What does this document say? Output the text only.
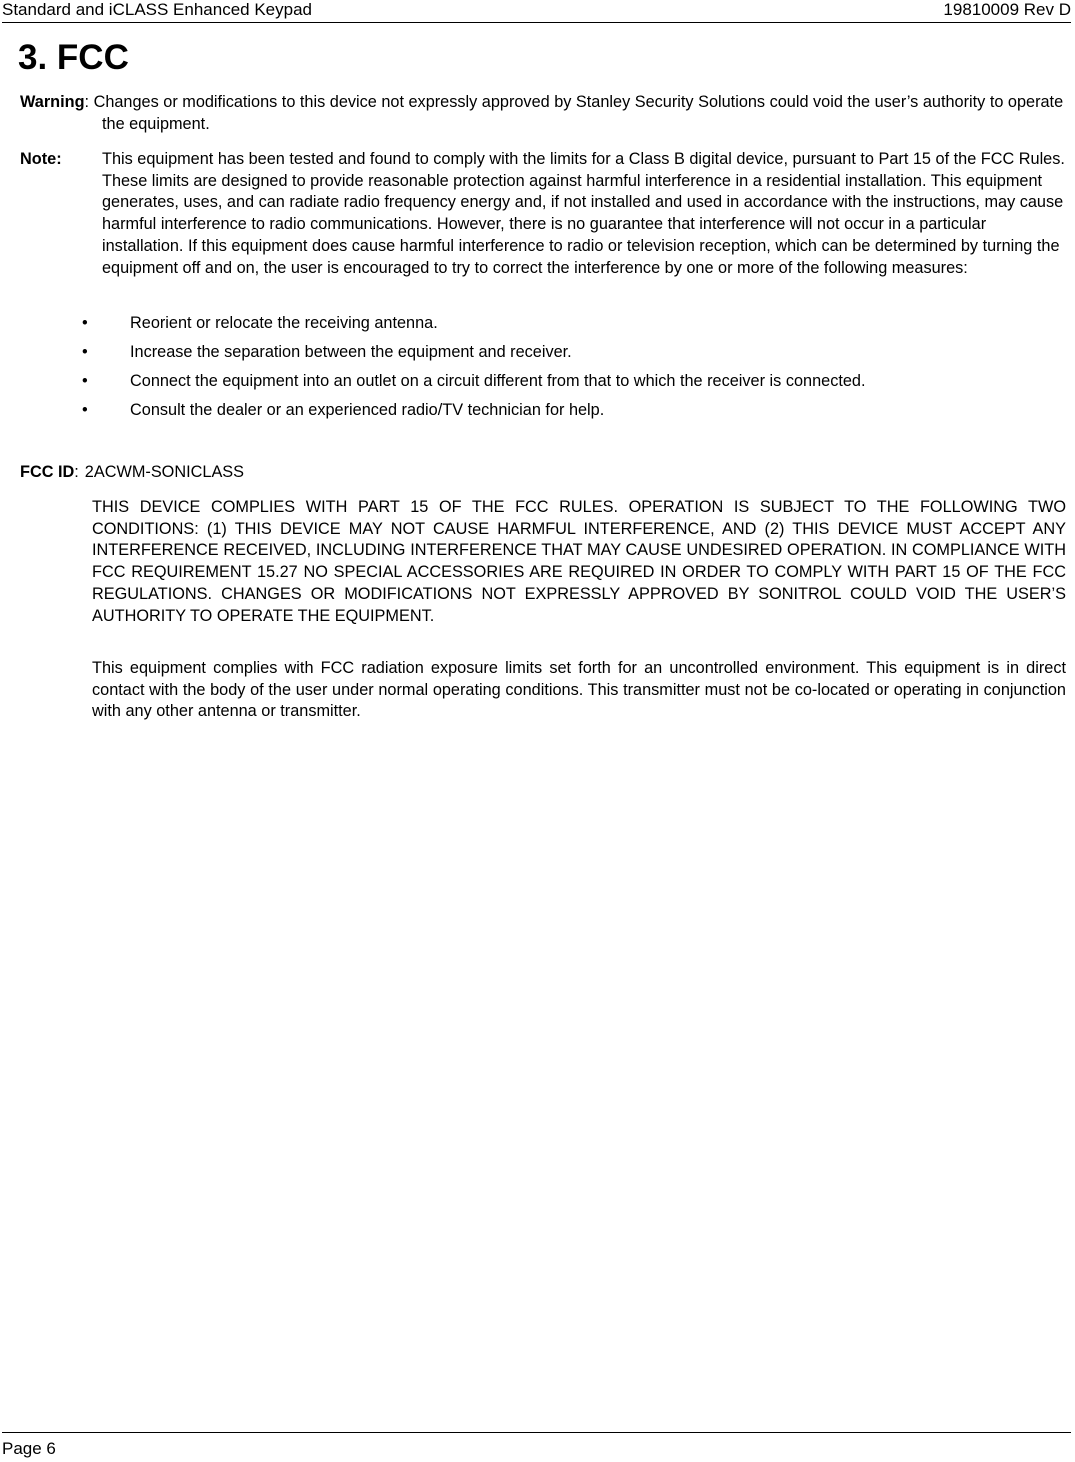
Standard and iCLASS Enhanced Keypad	19810009 Rev D
3. FCC
Warning: Changes or modifications to this device not expressly approved by Stanley Security Solutions could void the user’s authority to operate the equipment.
Note: This equipment has been tested and found to comply with the limits for a Class B digital device, pursuant to Part 15 of the FCC Rules. These limits are designed to provide reasonable protection against harmful interference in a residential installation. This equipment generates, uses, and can radiate radio frequency energy and, if not installed and used in accordance with the instructions, may cause harmful interference to radio communications. However, there is no guarantee that interference will not occur in a particular installation. If this equipment does cause harmful interference to radio or television reception, which can be determined by turning the equipment off and on, the user is encouraged to try to correct the interference by one or more of the following measures:
•	Reorient or relocate the receiving antenna.
•	Increase the separation between the equipment and receiver.
•	Connect the equipment into an outlet on a circuit different from that to which the receiver is connected.
•	Consult the dealer or an experienced radio/TV technician for help.
FCC ID: 2ACWM-SONICLASS
THIS DEVICE COMPLIES WITH PART 15 OF THE FCC RULES. OPERATION IS SUBJECT TO THE FOLLOWING TWO CONDITIONS: (1) THIS DEVICE MAY NOT CAUSE HARMFUL INTERFERENCE, AND (2) THIS DEVICE MUST ACCEPT ANY INTERFERENCE RECEIVED, INCLUDING INTERFERENCE THAT MAY CAUSE UNDESIRED OPERATION. IN COMPLIANCE WITH FCC REQUIREMENT 15.27 NO SPECIAL ACCESSORIES ARE REQUIRED IN ORDER TO COMPLY WITH PART 15 OF THE FCC REGULATIONS. CHANGES OR MODIFICATIONS NOT EXPRESSLY APPROVED BY SONITROL COULD VOID THE USER’S AUTHORITY TO OPERATE THE EQUIPMENT.
This equipment complies with FCC radiation exposure limits set forth for an uncontrolled environment. This equipment is in direct contact with the body of the user under normal operating conditions. This transmitter must not be co-located or operating in conjunction with any other antenna or transmitter.
Page 6
